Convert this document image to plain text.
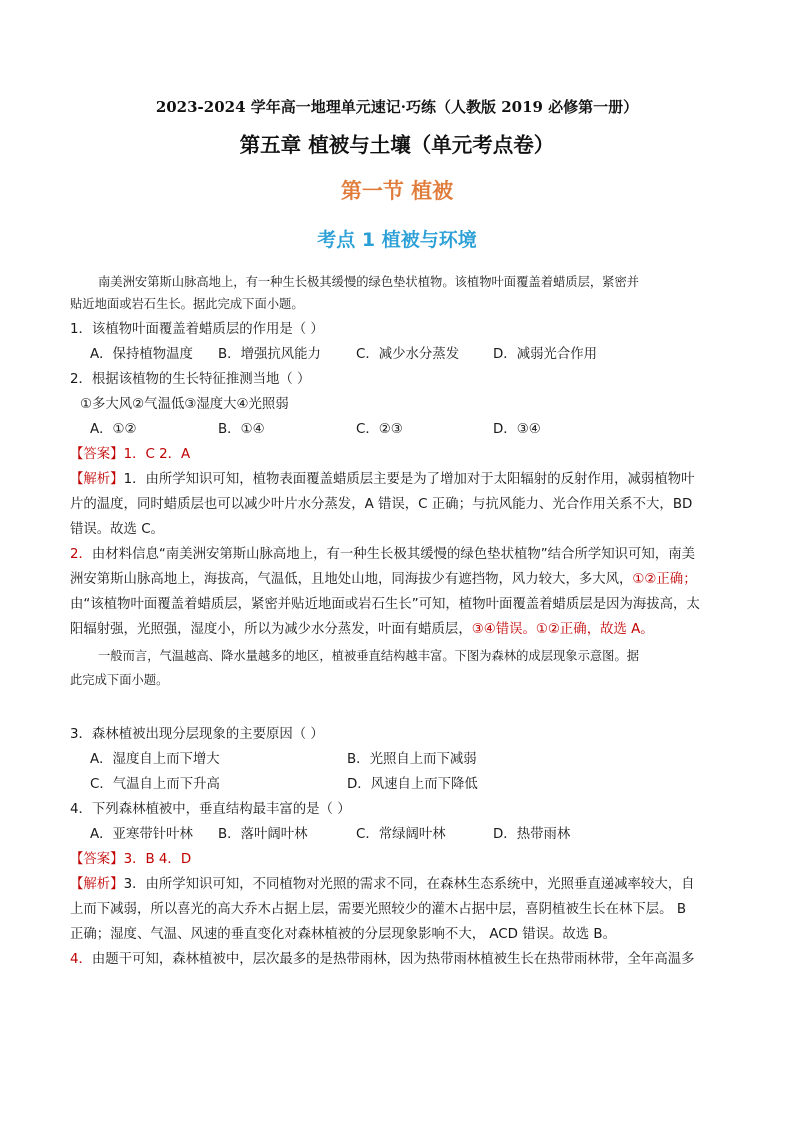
2023-2024 学年高一地理单元速记·巧练（人教版 2019 必修第一册）
第五章 植被与土壤（单元考点卷）
第一节 植被
考点 1 植被与环境
南美洲安第斯山脉高地上，有一种生长极其缓慢的绿色垫状植物。该植物叶面覆盖着蜡质层，紧密并
贴近地面或岩石生长。据此完成下面小题。
1．该植物叶面覆盖着蜡质层的作用是（ ）
A．保持植物温度	B．增强抗风能力	C．减少水分蒸发	D．减弱光合作用
2．根据该植物的生长特征推测当地（ ）
①多大风②气温低③湿度大④光照弱
A．①②	B．①④	C．②③	D．③④
【答案】1．C 2．A
【解析】1．由所学知识可知，植物表面覆盖蜡质层主要是为了增加对于太阳辐射的反射作用，减弱植物叶
片的温度，同时蜡质层也可以减少叶片水分蒸发，A 错误，C 正确；与抗风能力、光合作用关系不大，BD
错误。故选 C。
2．由材料信息“南美洲安第斯山脉高地上，有一种生长极其缓慢的绿色垫状植物”结合所学知识可知，南美
洲安第斯山脉高地上，海拔高，气温低，且地处山地，同海拔少有遮挡物，风力较大，多大风，①②正确；
由“该植物叶面覆盖着蜡质层，紧密并贴近地面或岩石生长”可知，植物叶面覆盖着蜡质层是因为海拔高，太
阳辐射强，光照强，湿度小，所以为减少水分蒸发，叶面有蜡质层，③④错误。①②正确，故选 A。
一般而言，气温越高、降水量越多的地区，植被垂直结构越丰富。下图为森林的成层现象示意图。据
此完成下面小题。
3．森林植被出现分层现象的主要原因（ ）
A．湿度自上而下增大	B．光照自上而下减弱
C．气温自上而下升高	D．风速自上而下降低
4．下列森林植被中，垂直结构最丰富的是（ ）
A．亚寒带针叶林	B．落叶阔叶林	C．常绿阔叶林	D．热带雨林
【答案】3．B 4．D
【解析】3．由所学知识可知，不同植物对光照的需求不同，在森林生态系统中，光照垂直递减率较大，自
上而下减弱，所以喜光的高大乔木占据上层，需要光照较少的灌木占据中层，喜阴植被生长在林下层。 B
正确；湿度、气温、风速的垂直变化对森林植被的分层现象影响不大， ACD 错误。故选 B。
4．由题干可知，森林植被中，层次最多的是热带雨林，因为热带雨林植被生长在热带雨林带，全年高温多
